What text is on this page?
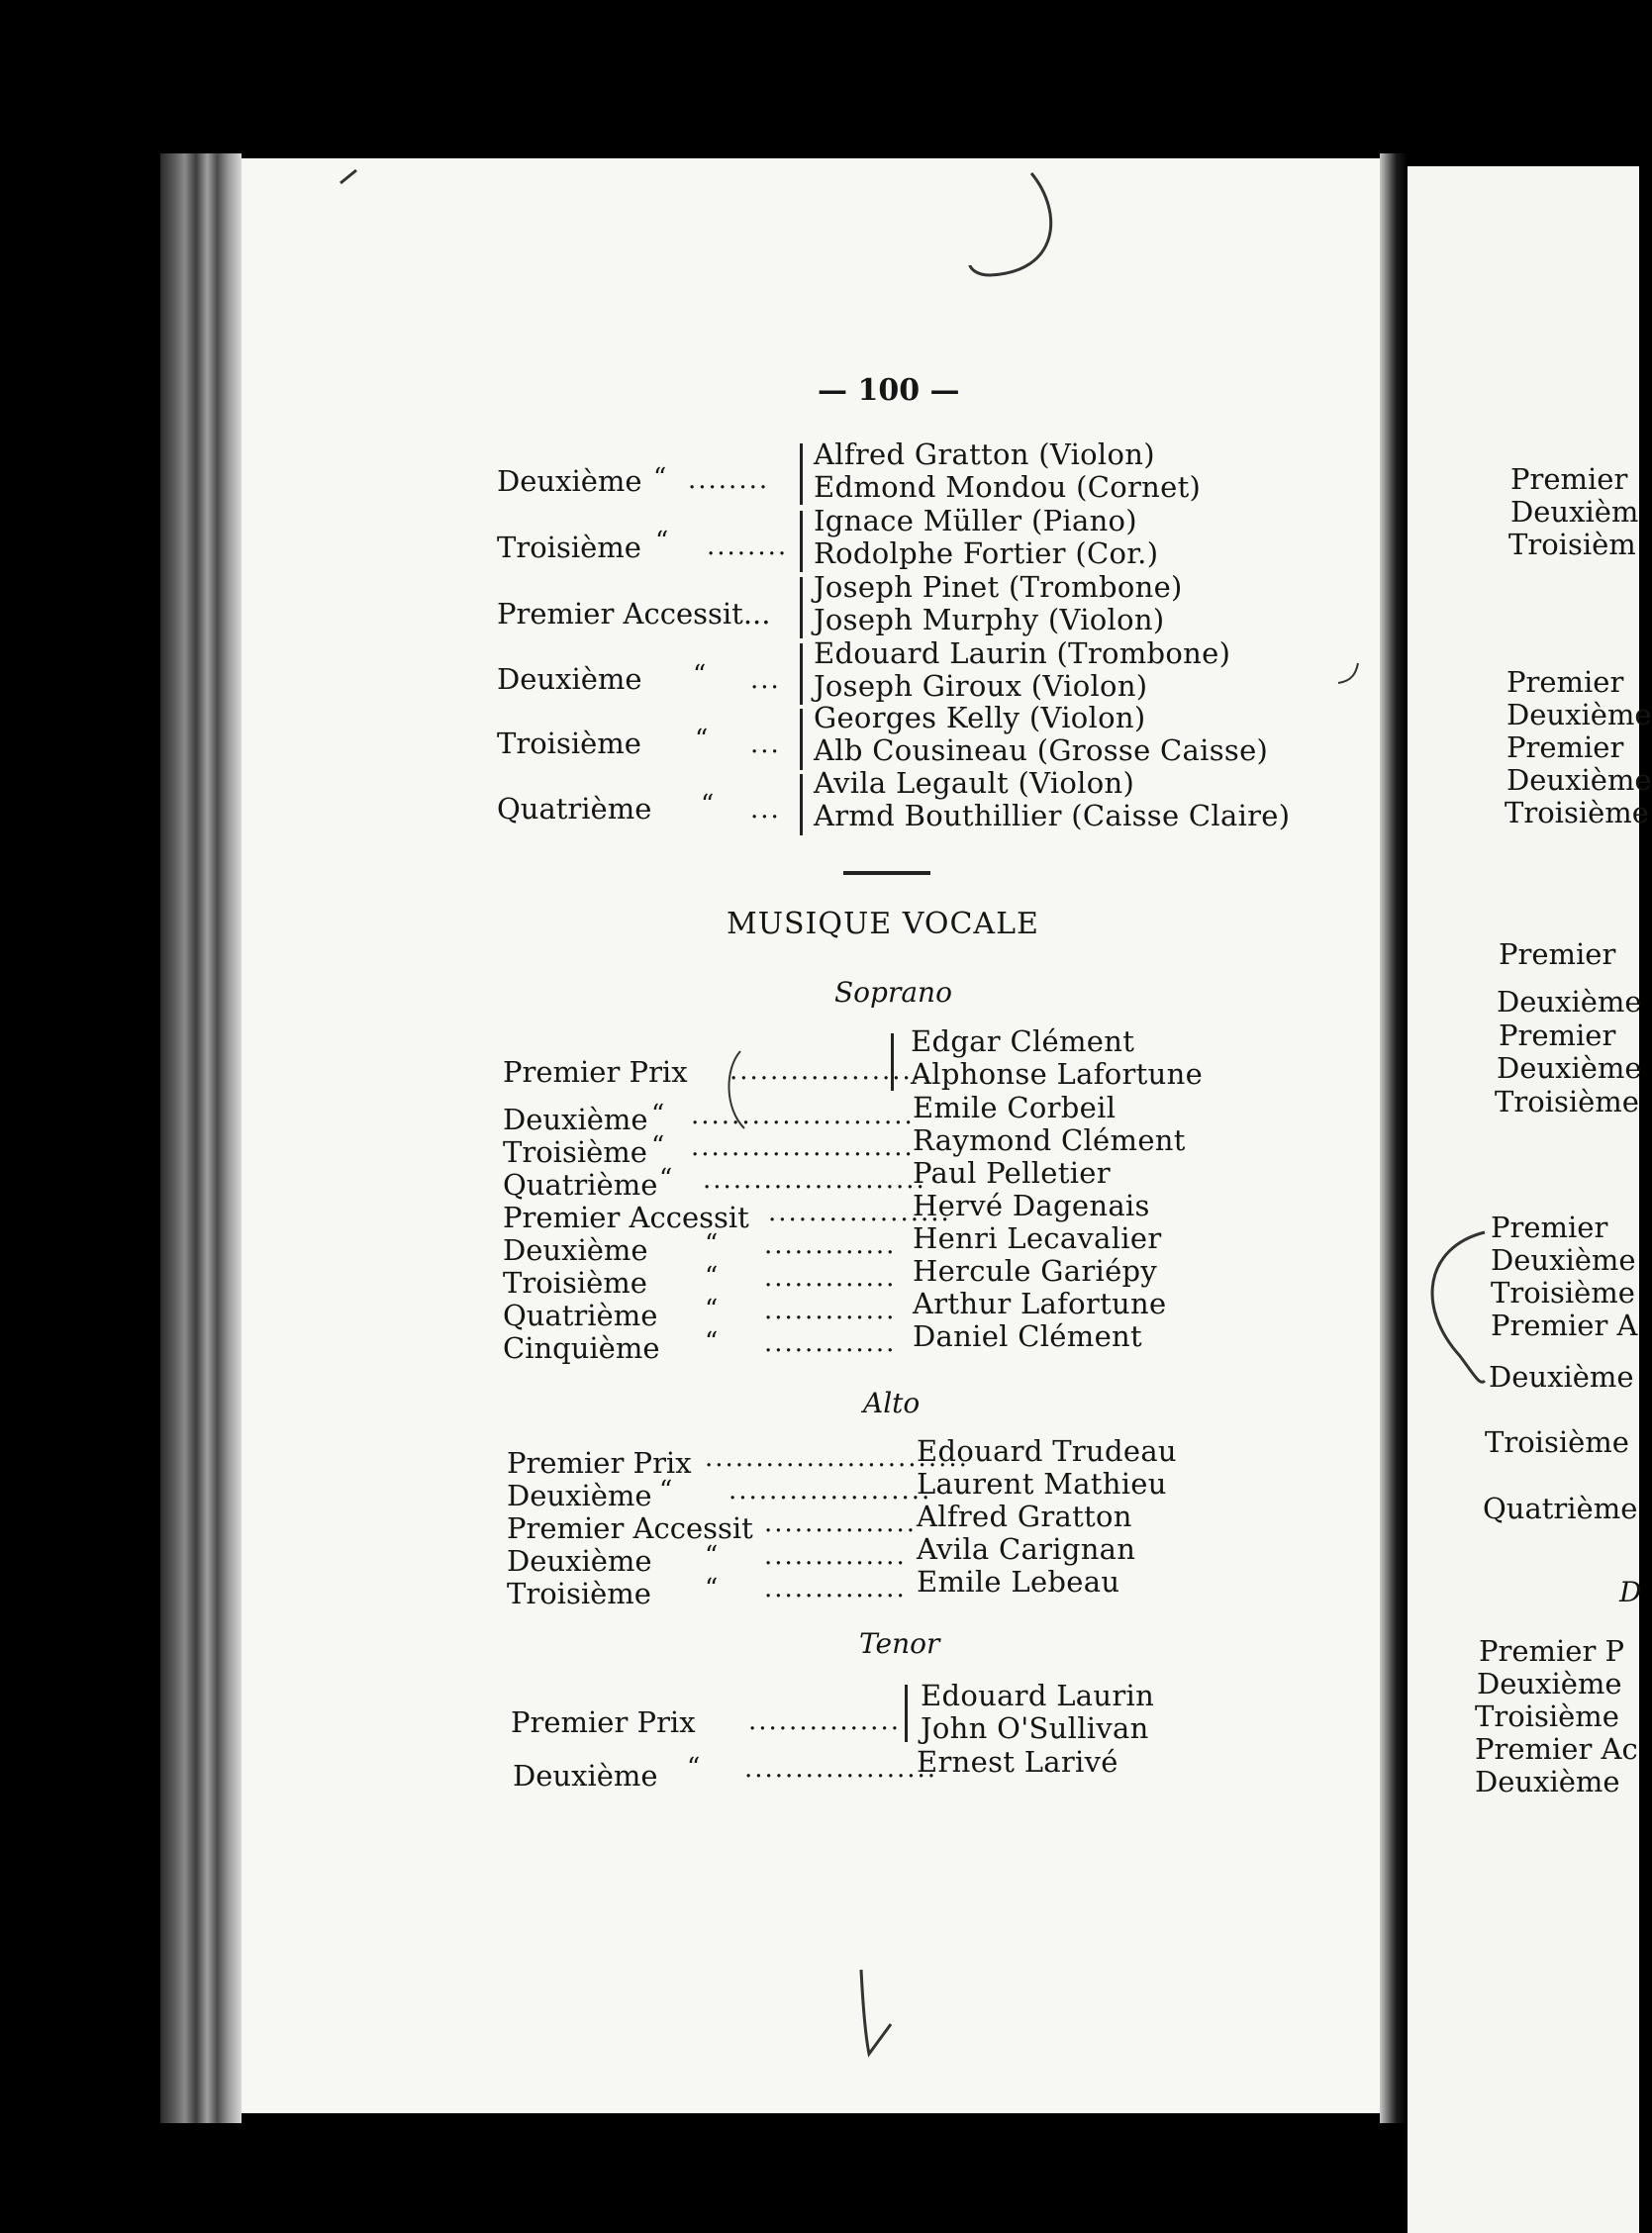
— 100 —
Deuxième “ ........
Alfred Gratton (Violon)
Edmond Mondou (Cornet)
Troisième “ ........
Ignace Müller (Piano)
Rodolphe Fortier (Cor.)
Premier Accessit...
Joseph Pinet (Trombone)
Joseph Murphy (Violon)
Deuxième “ ...
Edouard Laurin (Trombone)
Joseph Giroux (Violon)
Troisième “ ...
Georges Kelly (Violon)
Alb Cousineau (Grosse Caisse)
Quatrième “ ...
Avila Legault (Violon)
Armd Bouthillier (Caisse Claire)
MUSIQUE VOCALE
Soprano
Premier Prix ....................
Edgar Clément
Alphonse Lafortune
Deuxième “ ......................
Emile Corbeil
Troisième “ ......................
Raymond Clément
Quatrième “ ......................
Paul Pelletier
Premier Accessit ..................
Hervé Dagenais
Deuxième “ ............. Henri Lecavalier
Troisième “ ............. Hercule Gariépy
Quatrième “ ............. Arthur Lafortune
Cinquième “ ............. Daniel Clément
Alto
Premier Prix ..........................
Edouard Trudeau
Deuxième “ ....................
Laurent Mathieu
Premier Accessit ............... Alfred Gratton
Deuxième “ .............. Avila Carignan
Troisième “ .............. Emile Lebeau
Tenor
Premier Prix ...............
Edouard Laurin
John O'Sullivan
Deuxième “ ...................
Ernest Larivé
Premier
Deuxièm
Troisièm
Premier
Deuxième
Premier
Deuxième
Troisième
Premier
Deuxième
Premier
Deuxième
Troisième
Premier
Deuxième
Troisième
Premier A
Deuxième
Troisième
Quatrième
D
Premier P
Deuxième
Troisième
Premier Ac
Deuxième
